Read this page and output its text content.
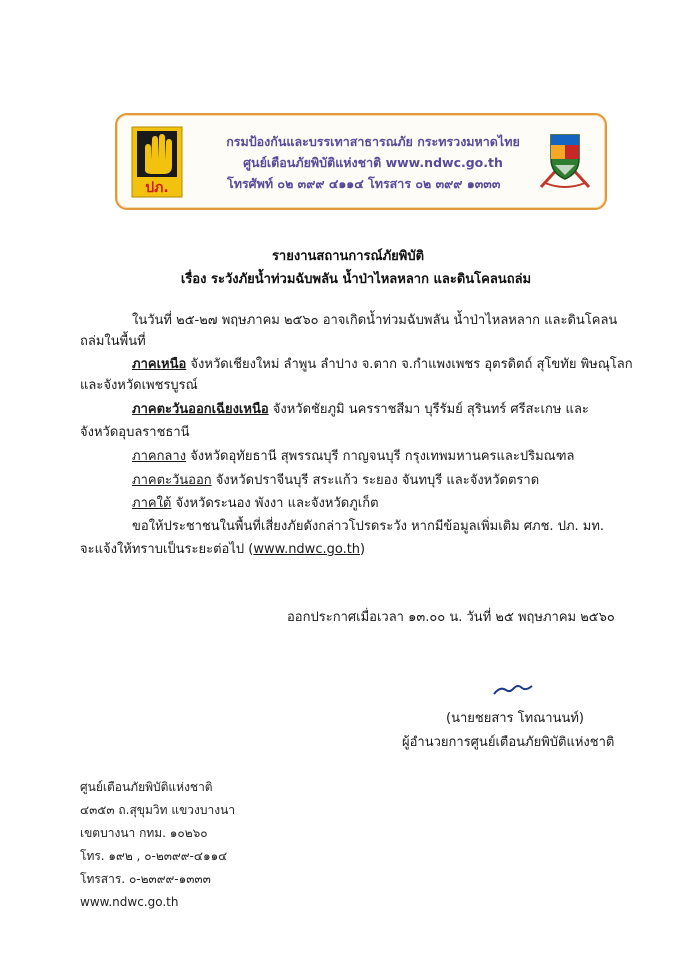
ปภ.
กรมป้องกันและบรรเทาสาธารณภัย กระทรวงมหาดไทย
ศูนย์เตือนภัยพิบัติแห่งชาติ www.ndwc.go.th
โทรศัพท์ ๐๒ ๓๙๙ ๔๑๑๔ โทรสาร ๐๒ ๓๙๙ ๑๓๓๓
รายงานสถานการณ์ภัยพิบัติ
เรื่อง ระวังภัยน้ำท่วมฉับพลัน น้ำป่าไหลหลาก และดินโคลนถล่ม
ในวันที่ ๒๕-๒๗ พฤษภาคม ๒๕๖๐ อาจเกิดน้ำท่วมฉับพลัน น้ำป่าไหลหลาก และดินโคลน
ถล่มในพื้นที่
ภาคเหนือ จังหวัดเชียงใหม่ ลำพูน ลำปาง จ.ตาก จ.กำแพงเพชร อุตรดิตถ์ สุโขทัย พิษณุโลก
และจังหวัดเพชรบูรณ์
ภาคตะวันออกเฉียงเหนือ จังหวัดชัยภูมิ นครราชสีมา บุรีรัมย์ สุรินทร์ ศรีสะเกษ และ
จังหวัดอุบลราชธานี
ภาคกลาง จังหวัดอุทัยธานี สุพรรณบุรี กาญจนบุรี กรุงเทพมหานครและปริมณฑล
ภาคตะวันออก จังหวัดปราจีนบุรี สระแก้ว ระยอง จันทบุรี และจังหวัดตราด
ภาคใต้ จังหวัดระนอง พังงา และจังหวัดภูเก็ต
ขอให้ประชาชนในพื้นที่เสี่ยงภัยดังกล่าวโปรดระวัง หากมีข้อมูลเพิ่มเติม ศภช. ปภ. มท.
จะแจ้งให้ทราบเป็นระยะต่อไป (www.ndwc.go.th)
ออกประกาศเมื่อเวลา ๑๓.๐๐ น. วันที่ ๒๕ พฤษภาคม ๒๕๖๐
(นายชยสาร โทณานนท์)
ผู้อำนวยการศูนย์เตือนภัยพิบัติแห่งชาติ
ศูนย์เตือนภัยพิบัติแห่งชาติ
๔๓๕๓ ถ.สุขุมวิท แขวงบางนา
เขตบางนา กทม. ๑๐๒๖๐
โทร. ๑๙๒ , ๐-๒๓๙๙-๔๑๑๔
โทรสาร. ๐-๒๓๙๙-๑๓๓๓
www.ndwc.go.th
